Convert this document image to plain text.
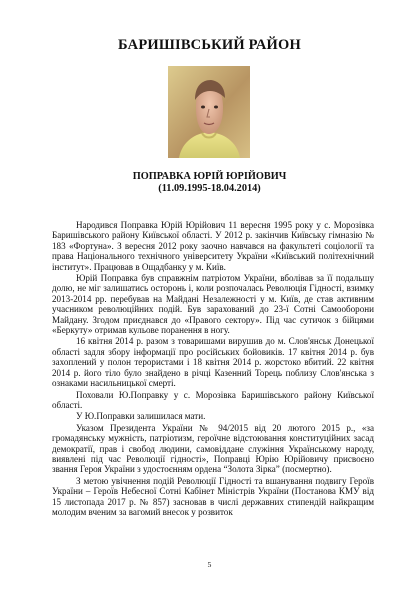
БАРИШІВСЬКИЙ РАЙОН
ПОПРАВКА ЮРІЙ ЮРІЙОВИЧ
(11.09.1995-18.04.2014)

Народився Поправка Юрій Юрійович 11 вересня 1995 року у с. Морозівка Баришівського району Київської області. У 2012 р. закінчив Київську гімназію № 183 «Фортуна». З вересня 2012 року заочно навчався на факультеті соціології та права Національного технічного університету України «Київський політехнічний інститут». Працював в Ощадбанку у м. Київ.

Юрій Поправка був справжнім патріотом України, вболівав за її подальшу долю, не міг залишатись осторонь і, коли розпочалась Революція Гідності, взимку 2013-2014 рр. перебував на Майдані Незалежності у м. Київ, де став активним учасником революційних подій. Був зарахований до 23-ї Сотні Самооборони Майдану. Згодом приєднався до «Правого сектору». Під час сутичок з бійцями «Беркуту» отримав кульове поранення в ногу.

16 квітня 2014 р. разом з товаришами вирушив до м. Слов'янськ Донецької області задля збору інформації про російських бойовиків. 17 квітня 2014 р. був захоплений у полон терористами і 18 квітня 2014 р. жорстоко вбитий. 22 квітня 2014 р. його тіло було знайдено в річці Казенний Торець поблизу Слов'янська з ознаками насильницької смерті.

Поховали Ю.Поправку у с. Морозівка Баришівського району Київської області.

У Ю.Поправки залишилася мати.

Указом Президента України № 94/2015 від 20 лютого 2015 р., «за громадянську мужність, патріотизм, героїчне відстоювання конституційних засад демократії, прав і свобод людини, самовіддане служіння Українському народу, виявлені під час Революції гідності», Поправці Юрію Юрійовичу присвоєно звання Героя України з удостоєнням ордена “Золота Зірка” (посмертно).

З метою увічнення подій Революції Гідності та вшанування подвигу Героїв України – Героїв Небесної Сотні Кабінет Міністрів України (Постанова КМУ від 15 листопада 2017 р. № 857) засновав в числі державних стипендій найкращим молодим вченим за вагомий внесок у розвиток

5
